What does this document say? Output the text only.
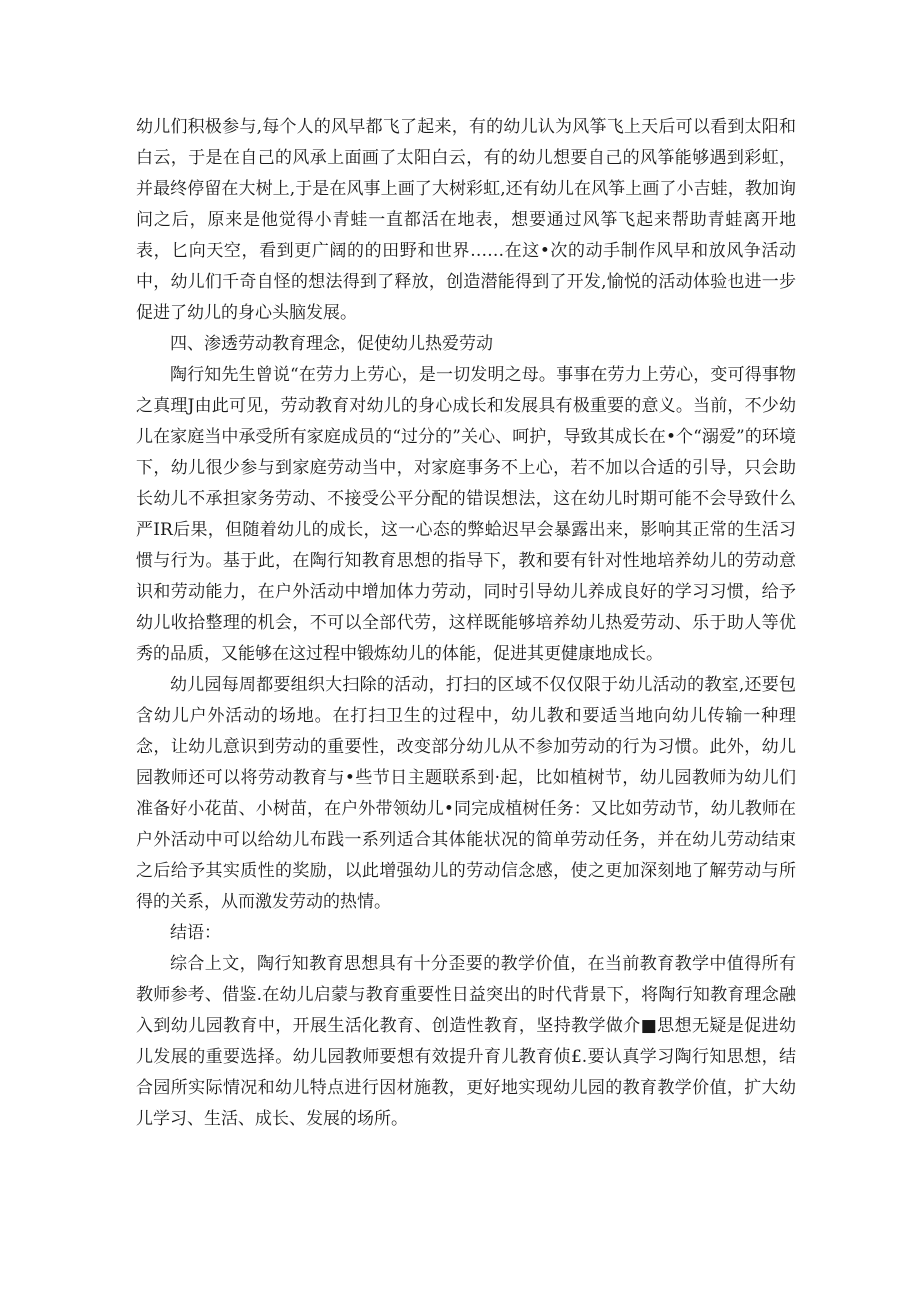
幼儿们积极参与,每个人的风早都飞了起来，有的幼儿认为风筝飞上天后可以看到太阳和白云，于是在自己的风承上面画了太阳白云，有的幼儿想要自己的风筝能够遇到彩虹，并最终停留在大树上,于是在风事上画了大树彩虹,还有幼儿在风筝上画了小吉蛙，教加询问之后，原来是他觉得小青蛙一直都活在地表，想要通过风筝飞起来帮助青蛙离开地表，匕向天空，看到更广阔的的田野和世界……在这•次的动手制作风早和放风争活动中，幼儿们千奇自怪的想法得到了释放，创造潜能得到了开发,愉悦的活动体验也进一步促进了幼儿的身心头脑发展。

四、渗透劳动教育理念，促使幼儿热爱劳动

陶行知先生曾说“在劳力上劳心，是一切发明之母。事事在劳力上劳心，变可得事物之真理J由此可见，劳动教育对幼儿的身心成长和发展具有极重要的意义。当前，不少幼儿在家庭当中承受所有家庭成员的“过分的”关心、呵护，导致其成长在•个“溺爱”的环境下，幼儿很少参与到家庭劳动当中，对家庭事务不上心，若不加以合适的引导，只会助长幼儿不承担家务劳动、不接受公平分配的错误想法，这在幼儿时期可能不会导致什么严IR后果，但随着幼儿的成长，这一心态的弊蛤迟早会暴露出来，影响其正常的生活习惯与行为。基于此，在陶行知教育思想的指导下，教和要有针对性地培养幼儿的劳动意识和劳动能力，在户外活动中增加体力劳动，同时引导幼儿养成良好的学习习惯，给予幼儿收拾整理的机会，不可以全部代劳，这样既能够培养幼儿热爱劳动、乐于助人等优秀的品质，又能够在这过程中锻炼幼儿的体能，促进其更健康地成长。

幼儿园每周都要组织大扫除的活动，打扫的区域不仅仅限于幼儿活动的教室,还要包含幼儿户外活动的场地。在打扫卫生的过程中，幼儿教和要适当地向幼儿传输一种理念，让幼儿意识到劳动的重要性，改变部分幼儿从不参加劳动的行为习惯。此外，幼儿园教师还可以将劳动教育与•些节日主题联系到·起，比如植树节，幼儿园教师为幼儿们准备好小花苗、小树苗，在户外带领幼儿•同完成植树任务：又比如劳动节，幼儿教师在户外活动中可以给幼儿布践一系列适合其体能状况的简单劳动任务，并在幼儿劳动结束之后给予其实质性的奖励，以此增强幼儿的劳动信念感，使之更加深刻地了解劳动与所得的关系，从而激发劳动的热情。

结语：

综合上文，陶行知教育思想具有十分歪要的教学价值，在当前教育教学中值得所有教师参考、借鉴.在幼儿启蒙与教育重要性日益突出的时代背景下，将陶行知教育理念融入到幼儿园教育中，开展生活化教育、创造性教育，坚持教学做介■思想无疑是促进幼儿发展的重要选择。幼儿园教师要想有效提升育儿教育侦£.要认真学习陶行知思想，结合园所实际情况和幼儿特点进行因材施教，更好地实现幼儿园的教育教学价值，扩大幼儿学习、生活、成长、发展的场所。
